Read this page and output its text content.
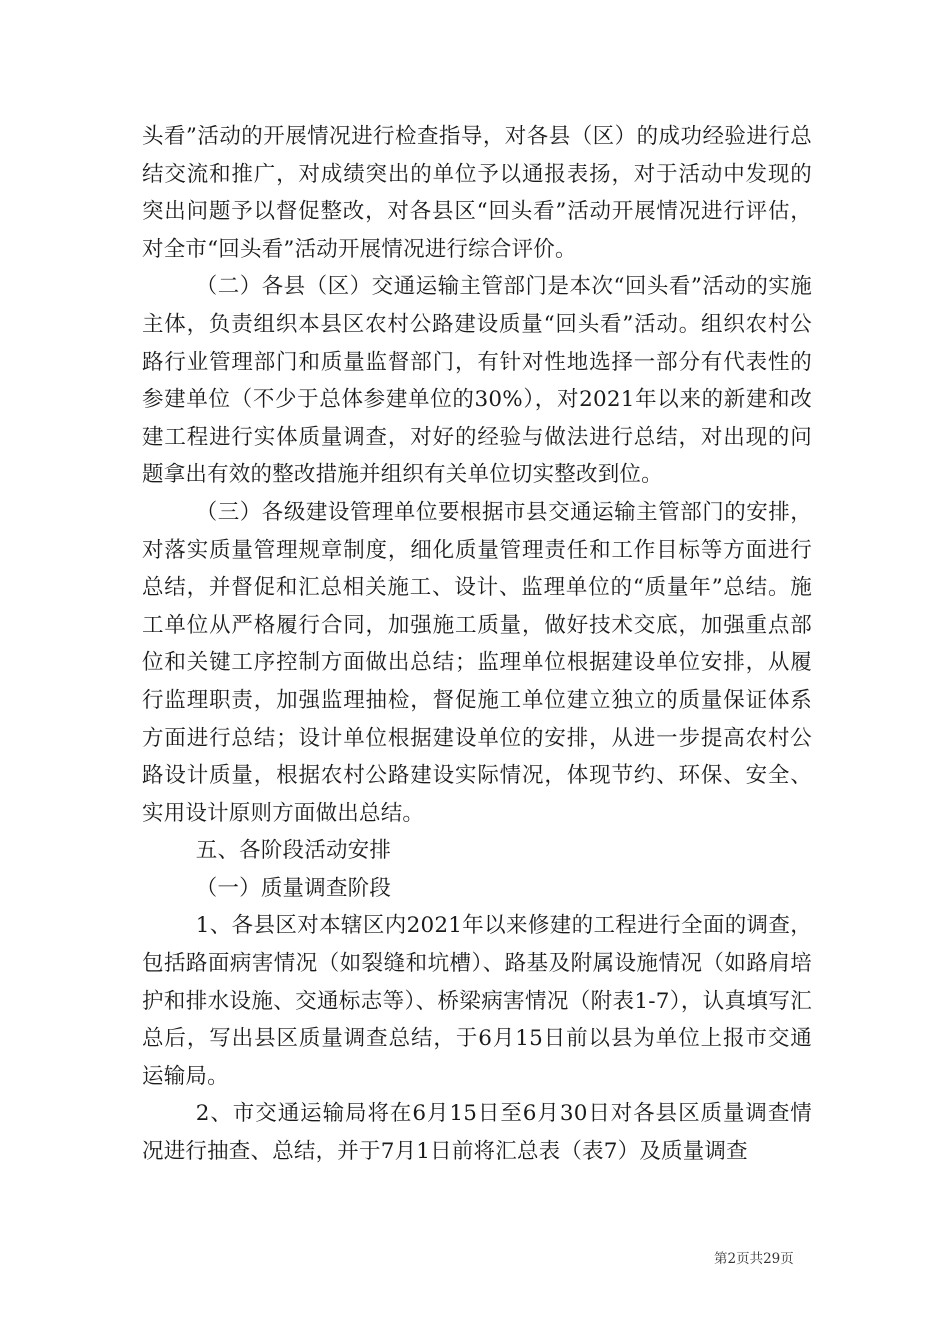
头看”活动的开展情况进行检查指导，对各县（区）的成功经验进行总结交流和推广，对成绩突出的单位予以通报表扬，对于活动中发现的突出问题予以督促整改，对各县区“回头看”活动开展情况进行评估，对全市“回头看”活动开展情况进行综合评价。

（二）各县（区）交通运输主管部门是本次“回头看”活动的实施主体，负责组织本县区农村公路建设质量“回头看”活动。组织农村公路行业管理部门和质量监督部门，有针对性地选择一部分有代表性的参建单位（不少于总体参建单位的30%），对2021年以来的新建和改建工程进行实体质量调查，对好的经验与做法进行总结，对出现的问题拿出有效的整改措施并组织有关单位切实整改到位。

（三）各级建设管理单位要根据市县交通运输主管部门的安排，对落实质量管理规章制度，细化质量管理责任和工作目标等方面进行总结，并督促和汇总相关施工、设计、监理单位的“质量年”总结。施工单位从严格履行合同，加强施工质量，做好技术交底，加强重点部位和关键工序控制方面做出总结；监理单位根据建设单位安排，从履行监理职责，加强监理抽检，督促施工单位建立独立的质量保证体系方面进行总结；设计单位根据建设单位的安排，从进一步提高农村公路设计质量，根据农村公路建设实际情况，体现节约、环保、安全、实用设计原则方面做出总结。

五、各阶段活动安排

（一）质量调查阶段

1、各县区对本辖区内2021年以来修建的工程进行全面的调查，包括路面病害情况（如裂缝和坑槽）、路基及附属设施情况（如路肩培护和排水设施、交通标志等）、桥梁病害情况（附表1-7），认真填写汇总后，写出县区质量调查总结，于6月15日前以县为单位上报市交通运输局。

2、市交通运输局将在6月15日至6月30日对各县区质量调查情况进行抽查、总结，并于7月1日前将汇总表（表7）及质量调查

第2页共29页
